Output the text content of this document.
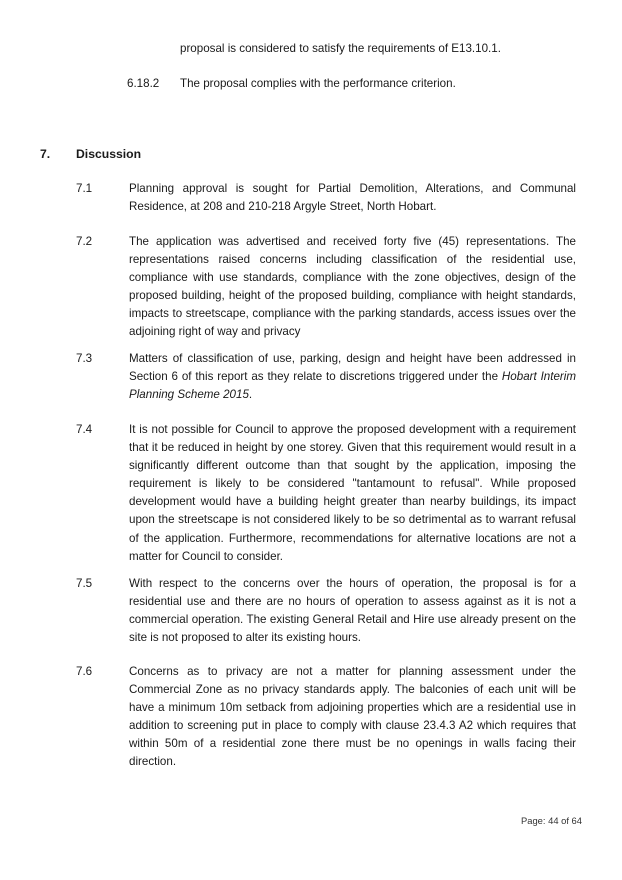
proposal is considered to satisfy the requirements of E13.10.1.
6.18.2 The proposal complies with the performance criterion.
7. Discussion
7.1	Planning approval is sought for Partial Demolition, Alterations, and Communal Residence, at 208 and 210-218 Argyle Street, North Hobart.
7.2	The application was advertised and received forty five (45) representations. The representations raised concerns including classification of the residential use, compliance with use standards, compliance with the zone objectives, design of the proposed building, height of the proposed building, compliance with height standards, impacts to streetscape, compliance with the parking standards, access issues over the adjoining right of way and privacy
7.3	Matters of classification of use, parking, design and height have been addressed in Section 6 of this report as they relate to discretions triggered under the Hobart Interim Planning Scheme 2015.
7.4	It is not possible for Council to approve the proposed development with a requirement that it be reduced in height by one storey. Given that this requirement would result in a significantly different outcome than that sought by the application, imposing the requirement is likely to be considered "tantamount to refusal". While proposed development would have a building height greater than nearby buildings, its impact upon the streetscape is not considered likely to be so detrimental as to warrant refusal of the application. Furthermore, recommendations for alternative locations are not a matter for Council to consider.
7.5	With respect to the concerns over the hours of operation, the proposal is for a residential use and there are no hours of operation to assess against as it is not a commercial operation. The existing General Retail and Hire use already present on the site is not proposed to alter its existing hours.
7.6	Concerns as to privacy are not a matter for planning assessment under the Commercial Zone as no privacy standards apply. The balconies of each unit will be have a minimum 10m setback from adjoining properties which are a residential use in addition to screening put in place to comply with clause 23.4.3 A2 which requires that within 50m of a residential zone there must be no openings in walls facing their direction.
Page: 44 of 64
